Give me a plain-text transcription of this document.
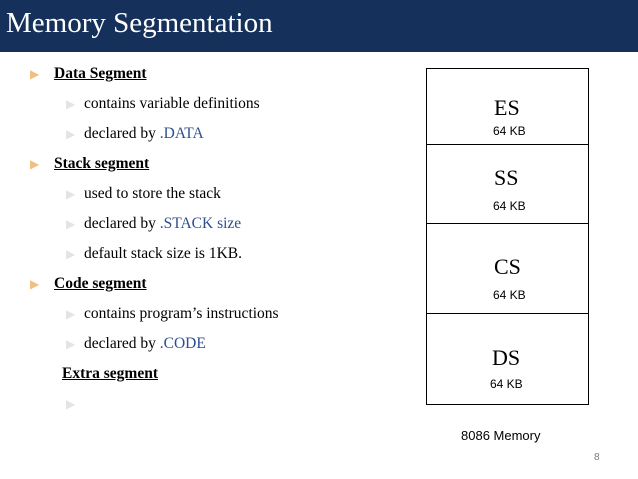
Memory Segmentation
▶ Data Segment
▶ contains variable definitions
▶ declared by .DATA
▶ Stack segment
▶ used to store the stack
▶ declared by .STACK size
▶ default stack size is 1KB.
▶ Code segment
▶ contains program’s instructions
▶ declared by .CODE
Extra segment
▶
ES
64 KB
SS
64 KB
CS
64 KB
DS
64 KB
8086 Memory
8
